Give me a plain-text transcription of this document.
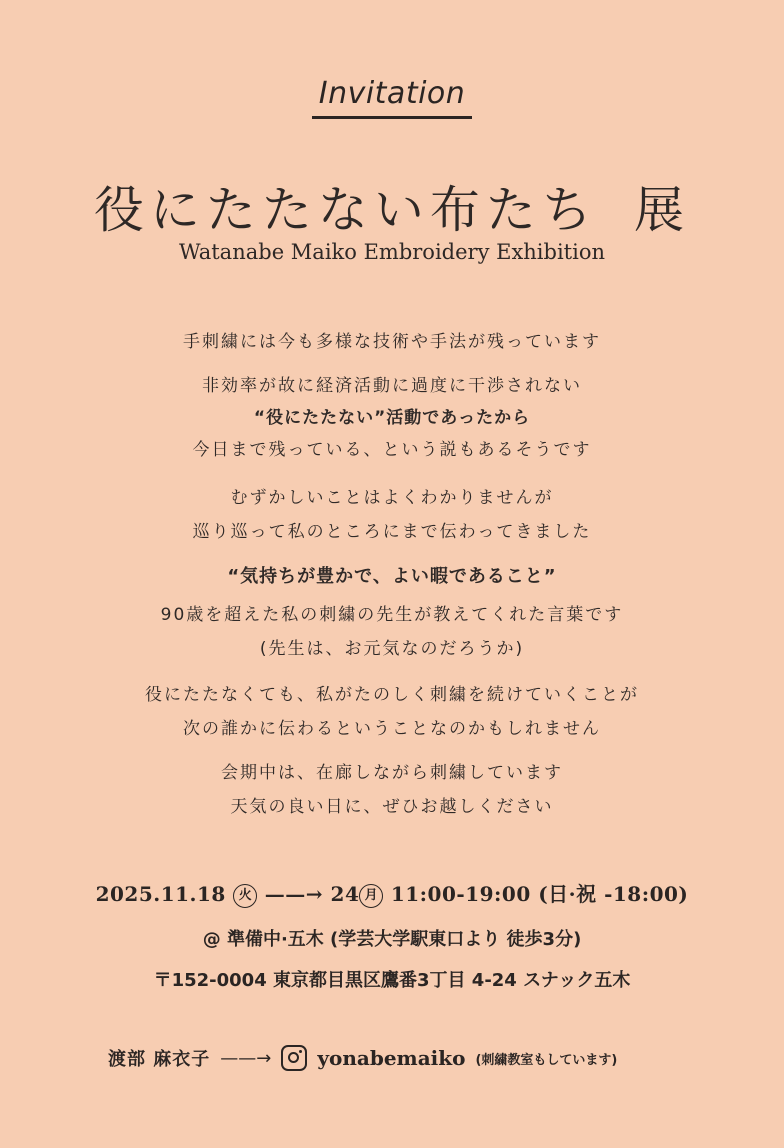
Invitation
役にたたない布たち 展
Watanabe Maiko Embroidery Exhibition
手刺繍には今も多様な技術や手法が残っています
非効率が故に経済活動に過度に干渉されない
“役にたたない”活動であったから
今日まで残っている、という説もあるそうです
むずかしいことはよくわかりませんが
巡り巡って私のところにまで伝わってきました
“気持ちが豊かで、よい暇であること”
90歳を超えた私の刺繍の先生が教えてくれた言葉です
(先生は、お元気なのだろうか)
役にたたなくても、私がたのしく刺繍を続けていくことが
次の誰かに伝わるということなのかもしれません
会期中は、在廊しながら刺繍しています
天気の良い日に、ぜひお越しください
2025.11.18 火 ——→ 24 月 11:00-19:00 (日·祝 -18:00)
@ 準備中·五木 (学芸大学駅東口より 徒歩3分)
〒152-0004 東京都目黒区鷹番3丁目 4-24 スナック五木
渡部 麻衣子 ——→ yonabemaiko (刺繍教室もしています)
